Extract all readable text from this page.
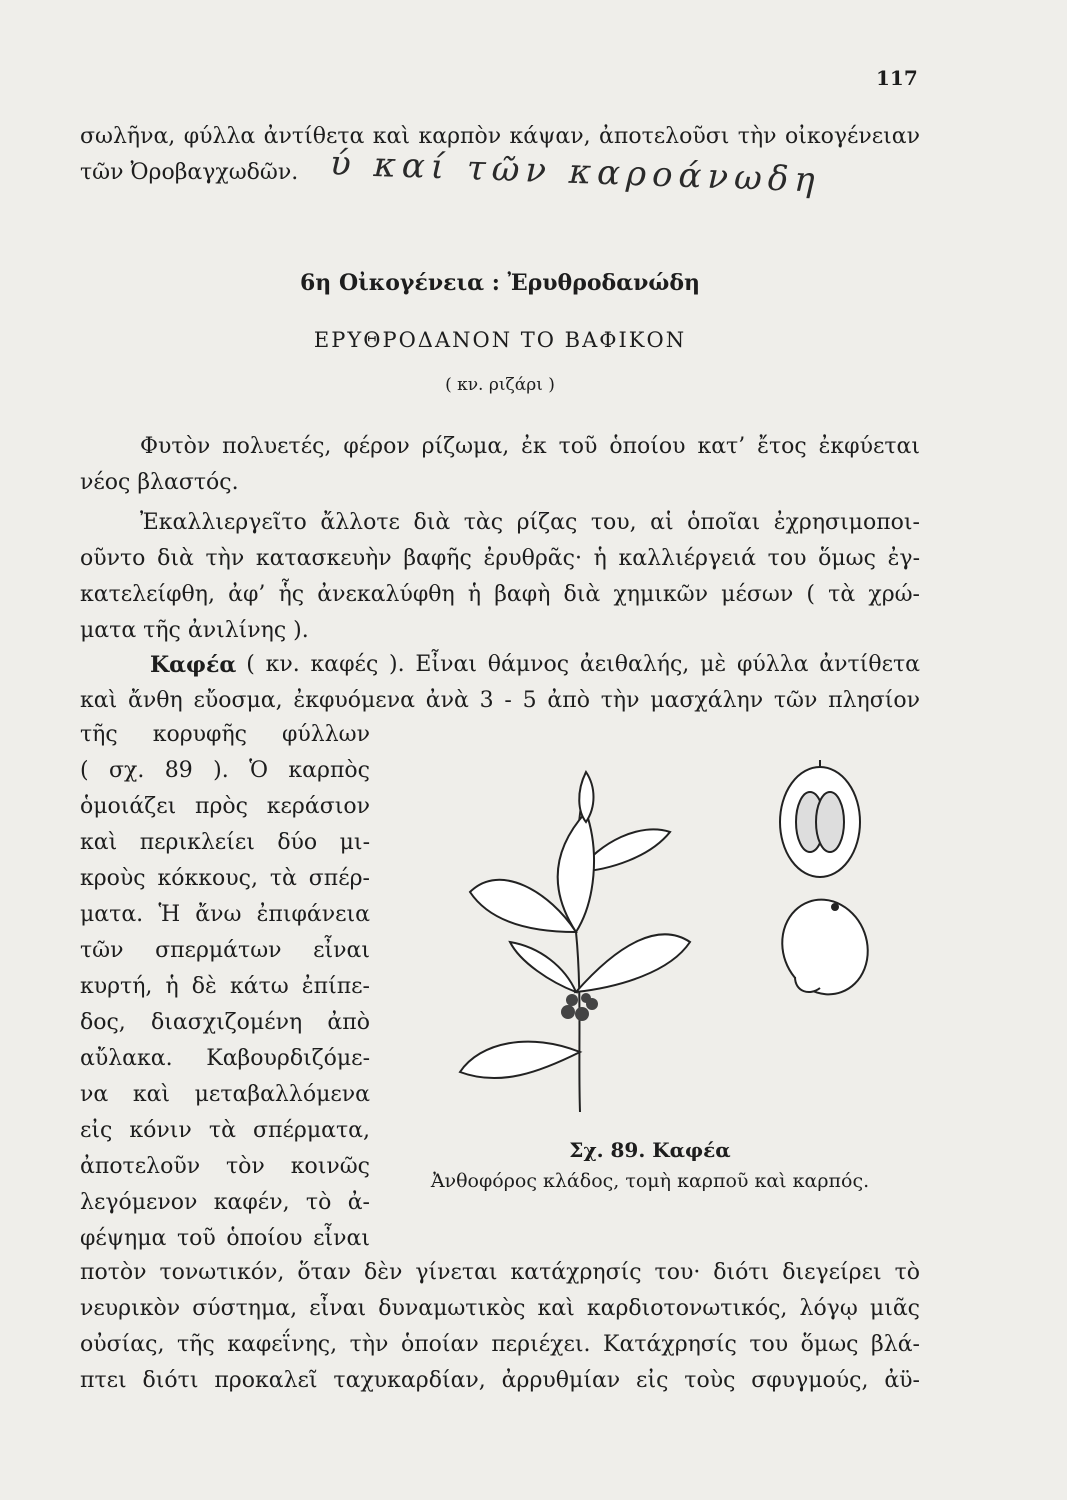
117
σωλῆνα, φύλλα ἀντίθετα καὶ καρπὸν κάψαν, ἀποτελοῦσι τὴν οἰκογένειαν
τῶν Ὀροβαγχωδῶν. ύ καί τῶν καροάνωδη
6η Οἰκογένεια : Ἐρυθροδανώδη
ΕΡΥΘΡΟΔΑΝΟΝ ΤΟ ΒΑΦΙΚΟΝ
( κν. ριζάρι )
Φυτὸν πολυετές, φέρον ρίζωμα, ἐκ τοῦ ὁποίου κατ’ ἔτος ἐκφύεται
νέος βλαστός.
Ἐκαλλιεργεῖτο ἄλλοτε διὰ τὰς ρίζας του, αἱ ὁποῖαι ἐχρησιμοποι-
οῦντο διὰ τὴν κατασκευὴν βαφῆς ἐρυθρᾶς· ἡ καλλιέργειά του ὅμως ἐγ-
κατελείφθη, ἀφ’ ἧς ἀνεκαλύφθη ἡ βαφὴ διὰ χημικῶν μέσων ( τὰ χρώ-
ματα τῆς ἀνιλίνης ).
Καφέα ( κν. καφές ). Εἶναι θάμνος ἀειθαλής, μὲ φύλλα ἀντίθετα
καὶ ἄνθη εὔοσμα, ἐκφυόμενα ἀνὰ 3 - 5 ἀπὸ τὴν μασχάλην τῶν πλησίον
τῆς κορυφῆς φύλλων
( σχ. 89 ). Ὁ καρπὸς
ὁμοιάζει πρὸς κεράσιον
καὶ περικλείει δύο μι-
κροὺς κόκκους, τὰ σπέρ-
ματα. Ἡ ἄνω ἐπιφάνεια
τῶν σπερμάτων εἶναι
κυρτή, ἡ δὲ κάτω ἐπίπε-
δος, διασχιζομένη ἀπὸ
αὔλακα. Καβουρδιζόμε-
να καὶ μεταβαλλόμενα
εἰς κόνιν τὰ σπέρματα,
ἀποτελοῦν τὸν κοινῶς
λεγόμενον καφέν, τὸ ἀ-
φέψημα τοῦ ὁποίου εἶναι
Σχ. 89. Καφέα
Ἀνθοφόρος κλάδος, τομὴ καρποῦ καὶ καρπός.
ποτὸν τονωτικόν, ὅταν δὲν γίνεται κατάχρησίς του· διότι διεγείρει τὸ
νευρικὸν σύστημα, εἶναι δυναμωτικὸς καὶ καρδιοτονωτικός, λόγῳ μιᾶς
οὐσίας, τῆς καφεΐνης, τὴν ὁποίαν περιέχει. Κατάχρησίς του ὅμως βλά-
πτει διότι προκαλεῖ ταχυκαρδίαν, ἀρρυθμίαν εἰς τοὺς σφυγμούς, ἀϋ-
